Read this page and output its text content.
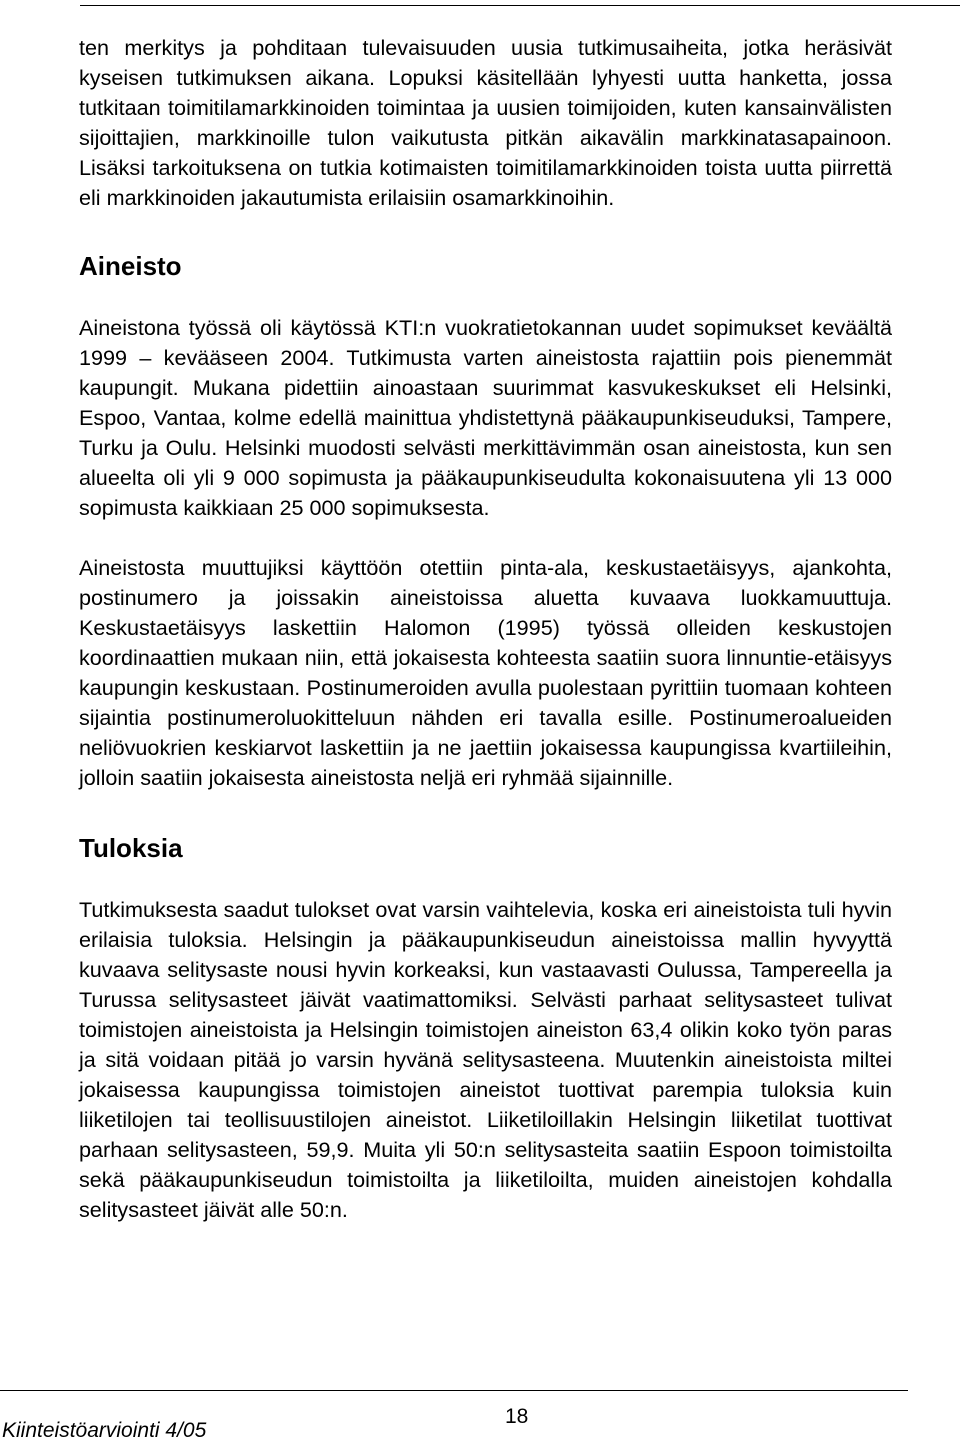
ten merkitys ja pohditaan tulevaisuuden uusia tutkimusaiheita, jotka heräsivät kyseisen tutkimuksen aikana. Lopuksi käsitellään lyhyesti uutta hanketta, jossa tutkitaan toimitilamarkkinoiden toimintaa ja uusien toimijoiden, kuten kansainvälisten sijoittajien, markkinoille tulon vaikutusta pitkän aikavälin markkinatasapainoon. Lisäksi tarkoituksena on tutkia kotimaisten toimitilamarkkinoiden toista uutta piirrettä eli markkinoiden jakautumista erilaisiin osamarkkinoihin.

Aineisto

Aineistona työssä oli käytössä KTI:n vuokratietokannan uudet sopimukset keväältä 1999 – kevääseen 2004. Tutkimusta varten aineistosta rajattiin pois pienemmät kaupungit. Mukana pidettiin ainoastaan suurimmat kasvukeskukset eli Helsinki, Espoo, Vantaa, kolme edellä mainittua yhdistettynä pääkaupunkiseuduksi, Tampere, Turku ja Oulu. Helsinki muodosti selvästi merkittävimmän osan aineistosta, kun sen alueelta oli yli 9 000 sopimusta ja pääkaupunkiseudulta kokonaisuutena yli 13 000 sopimusta kaikkiaan 25 000 sopimuksesta.

Aineistosta muuttujiksi käyttöön otettiin pinta-ala, keskustaetäisyys, ajankohta, postinumero ja joissakin aineistoissa aluetta kuvaava luokkamuuttuja. Keskustaetäisyys laskettiin Halomon (1995) työssä olleiden keskustojen koordinaattien mukaan niin, että jokaisesta kohteesta saatiin suora linnuntie-etäisyys kaupungin keskustaan. Postinumeroiden avulla puolestaan pyrittiin tuomaan kohteen sijaintia postinumeroluokitteluun nähden eri tavalla esille. Postinumeroalueiden neliövuokrien keskiarvot laskettiin ja ne jaettiin jokaisessa kaupungissa kvartiileihin, jolloin saatiin jokaisesta aineistosta neljä eri ryhmää sijainnille.

Tuloksia

Tutkimuksesta saadut tulokset ovat varsin vaihtelevia, koska eri aineistoista tuli hyvin erilaisia tuloksia. Helsingin ja pääkaupunkiseudun aineistoissa mallin hyvyyttä kuvaava selitysaste nousi hyvin korkeaksi, kun vastaavasti Oulussa, Tampereella ja Turussa selitysasteet jäivät vaatimattomiksi. Selvästi parhaat selitysasteet tulivat toimistojen aineistoista ja Helsingin toimistojen aineiston 63,4 olikin koko työn paras ja sitä voidaan pitää jo varsin hyvänä selitysasteena. Muutenkin aineistoista miltei jokaisessa kaupungissa toimistojen aineistot tuottivat parempia tuloksia kuin liiketilojen tai teollisuustilojen aineistot. Liiketiloillakin Helsingin liiketilat tuottivat parhaan selitysasteen, 59,9. Muita yli 50:n selitysasteita saatiin Espoon toimistoilta sekä pääkaupunkiseudun toimistoilta ja liiketiloilta, muiden aineistojen kohdalla selitysasteet jäivät alle 50:n.

Kiinteistöarviointi 4/05
18
